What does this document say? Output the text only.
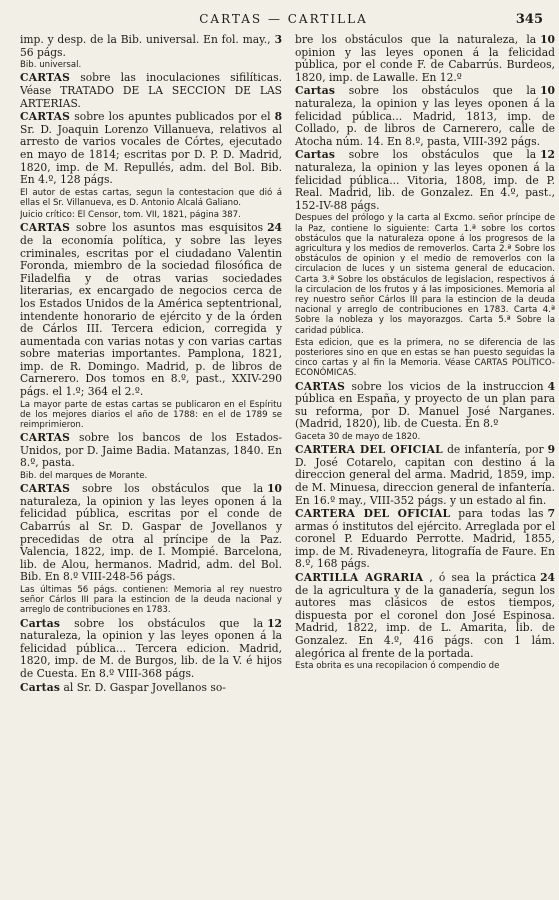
CARTAS — CARTILLA	345

3
imp. y desp. de la Bib. universal. En fol. may., 56 págs.

Bib. universal.

CARTAS sobre las inoculaciones sifilíticas. Véase TRATADO DE LA SECCION DE LAS ARTERIAS.

8
CARTAS sobre los apuntes publicados por el Sr. D. Joaquin Lorenzo Villanueva, relativos al arresto de varios vocales de Córtes, ejecutado en mayo de 1814; escritas por D. P. D. Madrid, 1820, imp. de M. Repullés, adm. del Bol. Bib. En 4.º, 128 págs.

El autor de estas cartas, segun la contestacion que dió á ellas el Sr. Villanueva, es D. Antonio Alcalá Galiano.

Juicio crítico: El Censor, tom. VII, 1821, página 387.

24
CARTAS sobre los asuntos mas esquisitos de la economía política, y sobre las leyes criminales, escritas por el ciudadano Valentin Foronda, miembro de la sociedad filosófica de Filadelfia y de otras varias sociedades literarias, ex encargado de negocios cerca de los Estados Unidos de la América septentrional, intendente honorario de ejército y de la órden de Cárlos III. Tercera edicion, corregida y aumentada con varias notas y con varias cartas sobre materias importantes. Pamplona, 1821, imp. de R. Domingo. Madrid, p. de libros de Carnerero. Dos tomos en 8.º, past., XXIV-290 págs. el 1.º; 364 el 2.º.

La mayor parte de estas cartas se publicaron en el Espíritu de los mejores diarios el año de 1788: en el de 1789 se reimprimieron.

CARTAS sobre los bancos de los Estados-Unidos, por D. Jaime Badia. Matanzas, 1840. En 8.º, pasta.

Bib. del marques de Morante.

10
CARTAS sobre los obstáculos que la naturaleza, la opinion y las leyes oponen á la felicidad pública, escritas por el conde de Cabarrús al Sr. D. Gaspar de Jovellanos y precedidas de otra al príncipe de la Paz. Valencia, 1822, imp. de I. Mompié. Barcelona, lib. de Alou, hermanos. Madrid, adm. del Bol. Bib. En 8.º VIII-248-56 págs.

Las últimas 56 págs. contienen: Memoria al rey nuestro señor Cárlos III para la estincion de la deuda nacional y arreglo de contribuciones en 1783.

12
Cartas sobre los obstáculos que la naturaleza, la opinion y las leyes oponen á la felicidad pública... Tercera edicion. Madrid, 1820, imp. de M. de Burgos, lib. de la V. é hijos de Cuesta. En 8.º VIII-368 págs.

Cartas al Sr. D. Gaspar Jovellanos so-

10
bre los obstáculos que la naturaleza, la opinion y las leyes oponen á la felicidad pública, por el conde F. de Cabarrús. Burdeos, 1820, imp. de Lawalle. En 12.º

10
Cartas sobre los obstáculos que la naturaleza, la opinion y las leyes oponen á la felicidad pública... Madrid, 1813, imp. de Collado, p. de libros de Carnerero, calle de Atocha núm. 14. En 8.º, pasta, VIII-392 págs.

12
Cartas sobre los obstáculos que la naturaleza, la opinion y las leyes oponen á la felicidad pública... Vitoria, 1808, imp. de P. Real. Madrid, lib. de Gonzalez. En 4.º, past., 152-IV-88 págs.

Despues del prólogo y la carta al Excmo. señor príncipe de la Paz, contiene lo siguiente: Carta 1.ª sobre los cortos obstáculos que la naturaleza opone á los progresos de la agricultura y los medios de removerlos. Carta 2.ª Sobre los obstáculos de opinion y el medio de removerlos con la circulacion de luces y un sistema general de educacion. Carta 3.ª Sobre los obstáculos de legislacion, respectivos á la circulacion de los frutos y á las imposiciones. Memoria al rey nuestro señor Cárlos III para la estincion de la deuda nacional y arreglo de contribuciones en 1783. Carta 4.ª Sobre la nobleza y los mayorazgos. Carta 5.ª Sobre la caridad pública.

Esta edicion, que es la primera, no se diferencia de las posteriores sino en que en estas se han puesto seguidas la cinco cartas y al fin la Memoria. Véase CARTAS POLÍTICO-ECONÓMICAS.

4
CARTAS sobre los vicios de la instruccion pública en España, y proyecto de un plan para su reforma, por D. Manuel José Narganes. (Madrid, 1820), lib. de Cuesta. En 8.º

Gaceta 30 de mayo de 1820.

9
CARTERA DEL OFICIAL de infantería, por D. José Cotarelo, capitan con destino á la direccion general del arma. Madrid, 1859, imp. de M. Minuesa, direccion general de infantería. En 16.º may., VIII-352 págs. y un estado al fin.

7
CARTERA DEL OFICIAL para todas las armas ó institutos del ejército. Arreglada por el coronel P. Eduardo Perrotte. Madrid, 1855, imp. de M. Rivadeneyra, litografía de Faure. En 8.º, 168 págs.

24
CARTILLA AGRARIA , ó sea la práctica de la agricultura y de la ganadería, segun los autores mas clásicos de estos tiempos, dispuesta por el coronel don José Espinosa. Madrid, 1822, imp. de L. Amarita, lib. de Gonzalez. En 4.º, 416 págs. con 1 lám. alegórica al frente de la portada.

Esta obrita es una recopilacion ó compendio de
